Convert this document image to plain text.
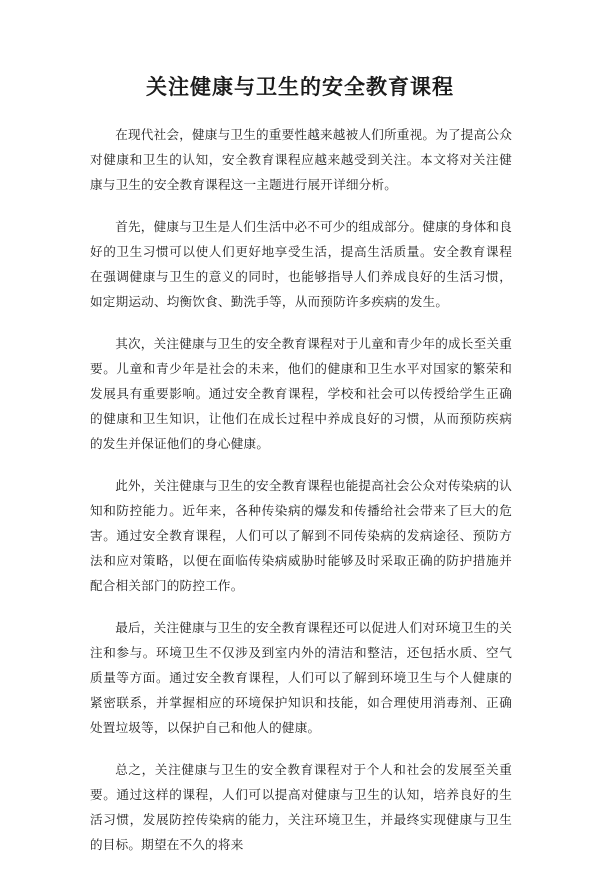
关注健康与卫生的安全教育课程

在现代社会，健康与卫生的重要性越来越被人们所重视。为了提高公众对健康和卫生的认知，安全教育课程应越来越受到关注。本文将对关注健康与卫生的安全教育课程这一主题进行展开详细分析。

首先，健康与卫生是人们生活中必不可少的组成部分。健康的身体和良好的卫生习惯可以使人们更好地享受生活，提高生活质量。安全教育课程在强调健康与卫生的意义的同时，也能够指导人们养成良好的生活习惯，如定期运动、均衡饮食、勤洗手等，从而预防许多疾病的发生。

其次，关注健康与卫生的安全教育课程对于儿童和青少年的成长至关重要。儿童和青少年是社会的未来，他们的健康和卫生水平对国家的繁荣和发展具有重要影响。通过安全教育课程，学校和社会可以传授给学生正确的健康和卫生知识，让他们在成长过程中养成良好的习惯，从而预防疾病的发生并保证他们的身心健康。

此外，关注健康与卫生的安全教育课程也能提高社会公众对传染病的认知和防控能力。近年来，各种传染病的爆发和传播给社会带来了巨大的危害。通过安全教育课程，人们可以了解到不同传染病的发病途径、预防方法和应对策略，以便在面临传染病威胁时能够及时采取正确的防护措施并配合相关部门的防控工作。

最后，关注健康与卫生的安全教育课程还可以促进人们对环境卫生的关注和参与。环境卫生不仅涉及到室内外的清洁和整洁，还包括水质、空气质量等方面。通过安全教育课程，人们可以了解到环境卫生与个人健康的紧密联系，并掌握相应的环境保护知识和技能，如合理使用消毒剂、正确处置垃圾等，以保护自己和他人的健康。

总之，关注健康与卫生的安全教育课程对于个人和社会的发展至关重要。通过这样的课程，人们可以提高对健康与卫生的认知，培养良好的生活习惯，发展防控传染病的能力，关注环境卫生，并最终实现健康与卫生的目标。期望在不久的将来
